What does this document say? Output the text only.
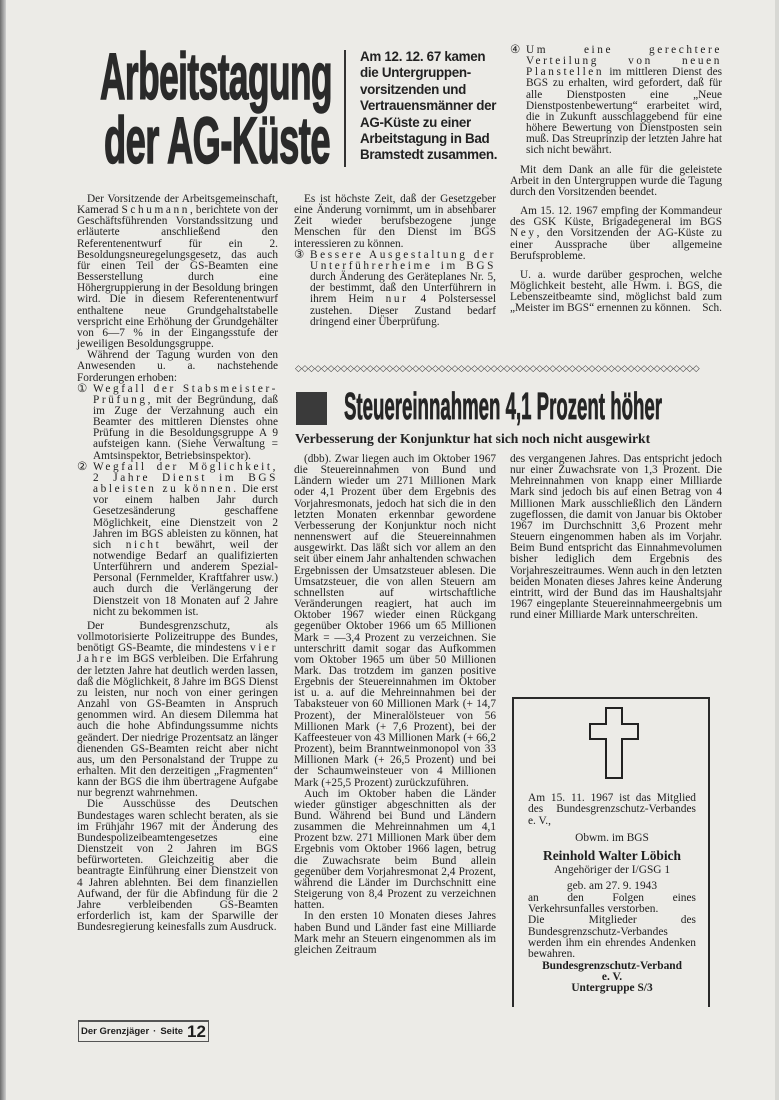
Arbeitstagung
der AG-Küste
Am 12. 12. 67 kamen die Untergruppen-vorsitzenden und Vertrauensmänner der AG-Küste zu einer Arbeitstagung in Bad Bramstedt zusammen.

Der Vorsitzende der Arbeitsgemeinschaft, Kamerad Schumann, berichtete von der Geschäftsführenden Vorstandssitzung und erläuterte anschließend den Referentenentwurf für ein 2. Besoldungsneuregelungsgesetz, das auch für einen Teil der GS-Beamten eine Besserstellung durch eine Höhergruppierung in der Besoldung bringen wird. Die in diesem Referentenentwurf enthaltene neue Grundgehaltstabelle verspricht eine Erhöhung der Grundgehälter von 6—7 % in der Eingangsstufe der jeweiligen Besoldungsgruppe.

Während der Tagung wurden von den Anwesenden u. a. nachstehende Forderungen erhoben:

① Wegfall der Stabsmeister-Prüfung, mit der Begründung, daß im Zuge der Verzahnung auch ein Beamter des mittleren Dienstes ohne Prüfung in die Besoldungsgruppe A 9 aufsteigen kann. (Siehe Verwaltung = Amtsinspektor, Betriebsinspektor).

② Wegfall der Möglichkeit, 2 Jahre Dienst im BGS ableisten zu können. Die erst vor einem halben Jahr durch Gesetzesänderung geschaffene Möglichkeit, eine Dienstzeit von 2 Jahren im BGS ableisten zu können, hat sich nicht bewährt, weil der notwendige Bedarf an qualifizierten Unterführern und anderem Spezial-Personal (Fernmelder, Kraftfahrer usw.) auch durch die Verlängerung der Dienstzeit von 18 Monaten auf 2 Jahre nicht zu bekommen ist.

Der Bundesgrenzschutz, als vollmotorisierte Polizeitruppe des Bundes, benötigt GS-Beamte, die mindestens vier Jahre im BGS verbleiben. Die Erfahrung der letzten Jahre hat deutlich werden lassen, daß die Möglichkeit, 8 Jahre im BGS Dienst zu leisten, nur noch von einer geringen Anzahl von GS-Beamten in Anspruch genommen wird. An diesem Dilemma hat auch die hohe Abfindungssumme nichts geändert. Der niedrige Prozentsatz an länger dienenden GS-Beamten reicht aber nicht aus, um den Personalstand der Truppe zu erhalten. Mit den derzeitigen „Fragmenten“ kann der BGS die ihm übertragene Aufgabe nur begrenzt wahrnehmen.

Die Ausschüsse des Deutschen Bundestages waren schlecht beraten, als sie im Frühjahr 1967 mit der Änderung des Bundespolizeibeamtengesetzes eine Dienstzeit von 2 Jahren im BGS befürworteten. Gleichzeitig aber die beantragte Einführung einer Dienstzeit von 4 Jahren ablehnten. Bei dem finanziellen Aufwand, der für die Abfindung für die 2 Jahre verbleibenden GS-Beamten erforderlich ist, kam der Sparwille der Bundesregierung keinesfalls zum Ausdruck.

Es ist höchste Zeit, daß der Gesetzgeber eine Änderung vornimmt, um in absehbarer Zeit wieder berufsbezogene junge Menschen für den Dienst im BGS interessieren zu können.

③ Bessere Ausgestaltung der Unterführerheime im BGS durch Änderung des Geräteplanes Nr. 5, der bestimmt, daß den Unterführern in ihrem Heim nur 4 Polstersessel zustehen. Dieser Zustand bedarf dringend einer Überprüfung.

④ Um eine gerechtere Verteilung von neuen Planstellen im mittleren Dienst des BGS zu erhalten, wird gefordert, daß für alle Dienstposten eine „Neue Dienstpostenbewertung“ erarbeitet wird, die in Zukunft ausschlaggebend für eine höhere Bewertung von Dienstposten sein muß. Das Streuprinzip der letzten Jahre hat sich nicht bewährt.

Mit dem Dank an alle für die geleistete Arbeit in den Untergruppen wurde die Tagung durch den Vorsitzenden beendet.

Am 15. 12. 1967 empfing der Kommandeur des GSK Küste, Brigadegeneral im BGS Ney, den Vorsitzenden der AG-Küste zu einer Aussprache über allgemeine Berufsprobleme.

U. a. wurde darüber gesprochen, welche Möglichkeit besteht, alle Hwm. i. BGS, die Lebenszeitbeamte sind, möglichst bald zum „Meister im BGS“ ernennen zu können.	Sch.

◇◇◇◇◇◇◇◇◇◇◇◇◇◇◇◇◇◇◇◇◇◇◇◇◇◇◇◇◇◇◇◇◇◇◇◇◇◇◇◇◇◇◇◇◇◇◇◇◇◇◇◇◇◇◇◇◇◇◇◇◇◇
Steuereinnahmen 4,1 Prozent höher
Verbesserung der Konjunktur hat sich noch nicht ausgewirkt

(dbb). Zwar liegen auch im Oktober 1967 die Steuereinnahmen von Bund und Ländern wieder um 271 Millionen Mark oder 4,1 Prozent über dem Ergebnis des Vorjahresmonats, jedoch hat sich die in den letzten Monaten erkennbar gewordene Verbesserung der Konjunktur noch nicht nennenswert auf die Steuereinnahmen ausgewirkt. Das läßt sich vor allem an den seit über einem Jahr anhaltenden schwachen Ergebnissen der Umsatzsteuer ablesen. Die Umsatzsteuer, die von allen Steuern am schnellsten auf wirtschaftliche Veränderungen reagiert, hat auch im Oktober 1967 wieder einen Rückgang gegenüber Oktober 1966 um 65 Millionen Mark = —3,4 Prozent zu verzeichnen. Sie unterschritt damit sogar das Aufkommen vom Oktober 1965 um über 50 Millionen Mark. Das trotzdem im ganzen positive Ergebnis der Steuereinnahmen im Oktober ist u. a. auf die Mehreinnahmen bei der Tabaksteuer von 60 Millionen Mark (+ 14,7 Prozent), der Mineralölsteuer von 56 Millionen Mark (+ 7,6 Prozent), bei der Kaffeesteuer von 43 Millionen Mark (+ 66,2 Prozent), beim Branntweinmonopol von 33 Millionen Mark (+ 26,5 Prozent) und bei der Schaumweinsteuer von 4 Millionen Mark (+25,5 Prozent) zurückzuführen.

Auch im Oktober haben die Länder wieder günstiger abgeschnitten als der Bund. Während bei Bund und Ländern zusammen die Mehreinnahmen um 4,1 Prozent bzw. 271 Millionen Mark über dem Ergebnis vom Oktober 1966 lagen, betrug die Zuwachsrate beim Bund allein gegenüber dem Vorjahresmonat 2,4 Prozent, während die Länder im Durchschnitt eine Steigerung von 8,4 Prozent zu verzeichnen hatten.

In den ersten 10 Monaten dieses Jahres haben Bund und Länder fast eine Milliarde Mark mehr an Steuern eingenommen als im gleichen Zeitraum

des vergangenen Jahres. Das entspricht jedoch nur einer Zuwachsrate von 1,3 Prozent. Die Mehreinnahmen von knapp einer Milliarde Mark sind jedoch bis auf einen Betrag von 4 Millionen Mark ausschließlich den Ländern zugeflossen, die damit von Januar bis Oktober 1967 im Durchschnitt 3,6 Prozent mehr Steuern eingenommen haben als im Vorjahr. Beim Bund entspricht das Einnahmevolumen bisher lediglich dem Ergebnis des Vorjahreszeitraumes. Wenn auch in den letzten beiden Monaten dieses Jahres keine Änderung eintritt, wird der Bund das im Haushaltsjahr 1967 eingeplante Steuereinnahmeergebnis um rund einer Milliarde Mark unterschreiten.

Am 15. 11. 1967 ist das Mitglied des Bundesgrenzschutz-Verbandes e. V.,

Obwm. im BGS

Reinhold Walter Löbich

Angehöriger der I/GSG 1

geb. am 27. 9. 1943

an den Folgen eines Verkehrsunfalles verstorben.

Die Mitglieder des Bundesgrenzschutz-Verbandes werden ihm ein ehrendes Andenken bewahren.

Bundesgrenzschutz-Verband

e. V.

Untergruppe S/3

Der Grenzjäger · Seite 12
